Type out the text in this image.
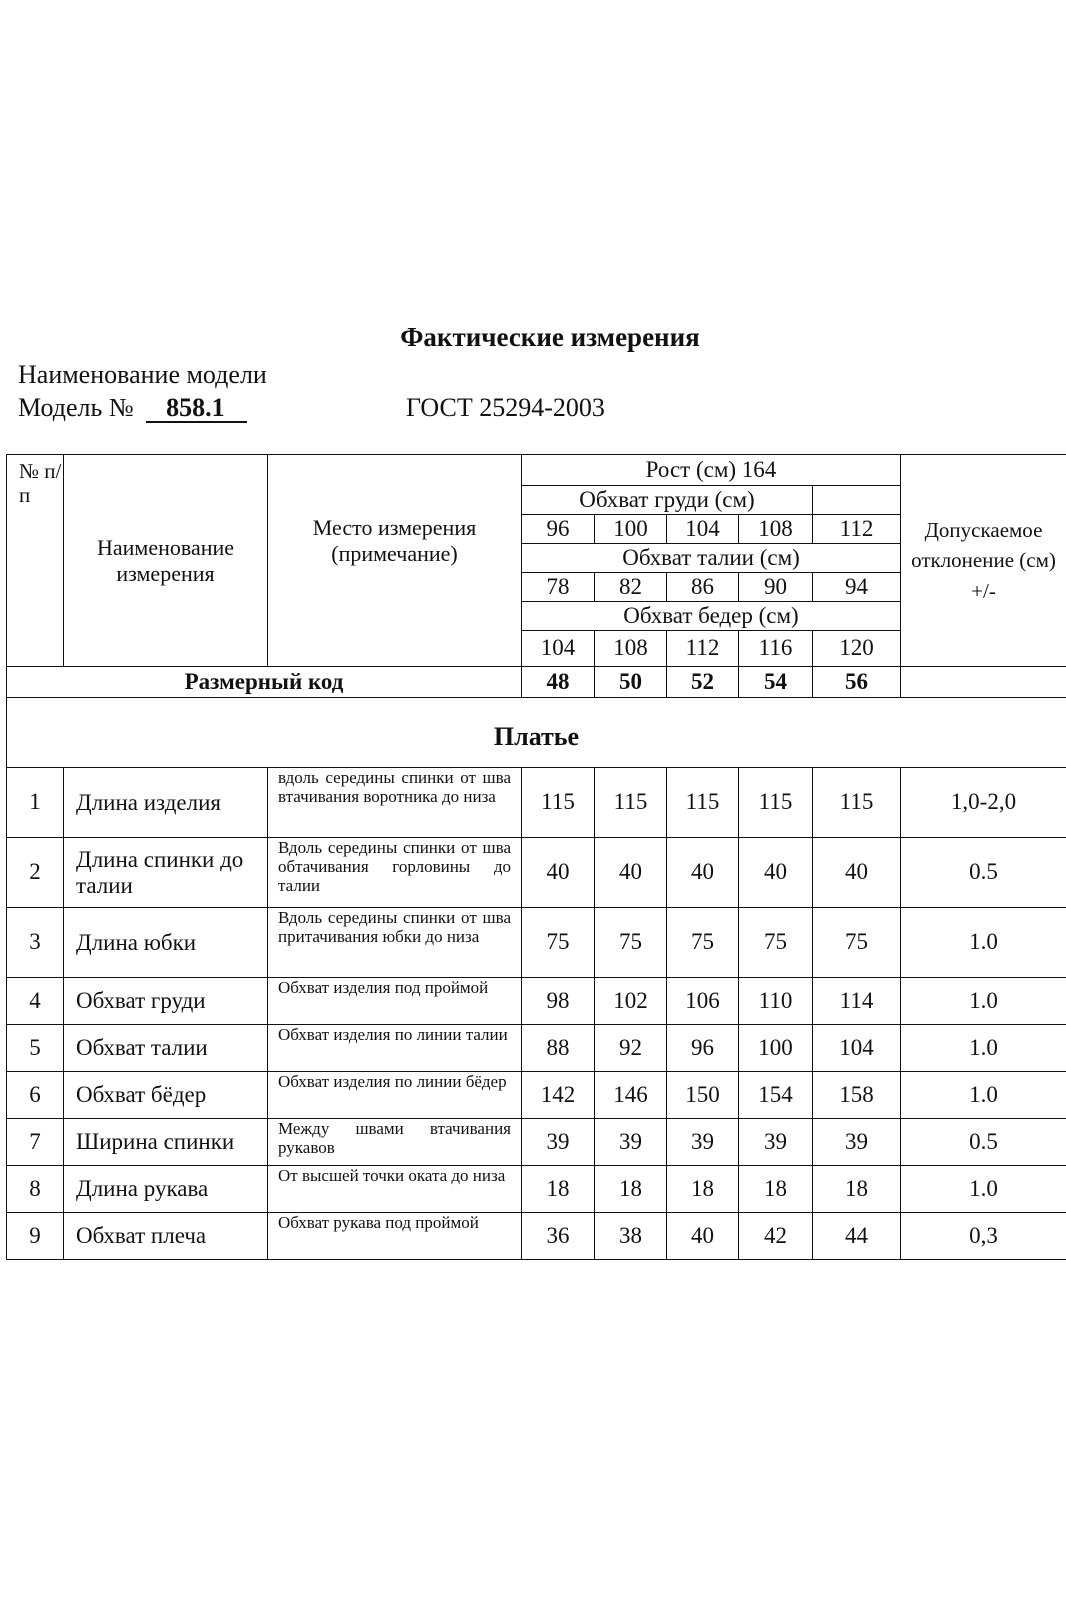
Фактические измерения
Наименование модели
Модель № 858.1	ГОСТ 25294-2003
№ п/п	Наименование измерения	Место измерения (примечание)	Рост (см) 164					Допускаемое отклонение (см) +/-
			Обхват груди (см)					
			96	100	104	108	112	
			Обхват талии (см)					
			78	82	86	90	94	
			Обхват бедер (см)					
			104	108	112	116	120	
Размерный код			48	50	52	54	56	
Платье								
1	Длина изделия	вдоль середины спинки от шва втачивания воротника до низа	115	115	115	115	115	1,0-2,0
2	Длина спинки до талии	Вдоль середины спинки от шва обтачивания горловины до талии	40	40	40	40	40	0.5
3	Длина юбки	Вдоль середины спинки от шва притачивания юбки до низа	75	75	75	75	75	1.0
4	Обхват груди	Обхват изделия под проймой	98	102	106	110	114	1.0
5	Обхват талии	Обхват изделия по линии талии	88	92	96	100	104	1.0
6	Обхват бёдер	Обхват изделия по линии бёдер	142	146	150	154	158	1.0
7	Ширина спинки	Между швами втачивания рукавов	39	39	39	39	39	0.5
8	Длина рукава	От высшей точки оката до низа	18	18	18	18	18	1.0
9	Обхват плеча	Обхват рукава под проймой	36	38	40	42	44	0,3
